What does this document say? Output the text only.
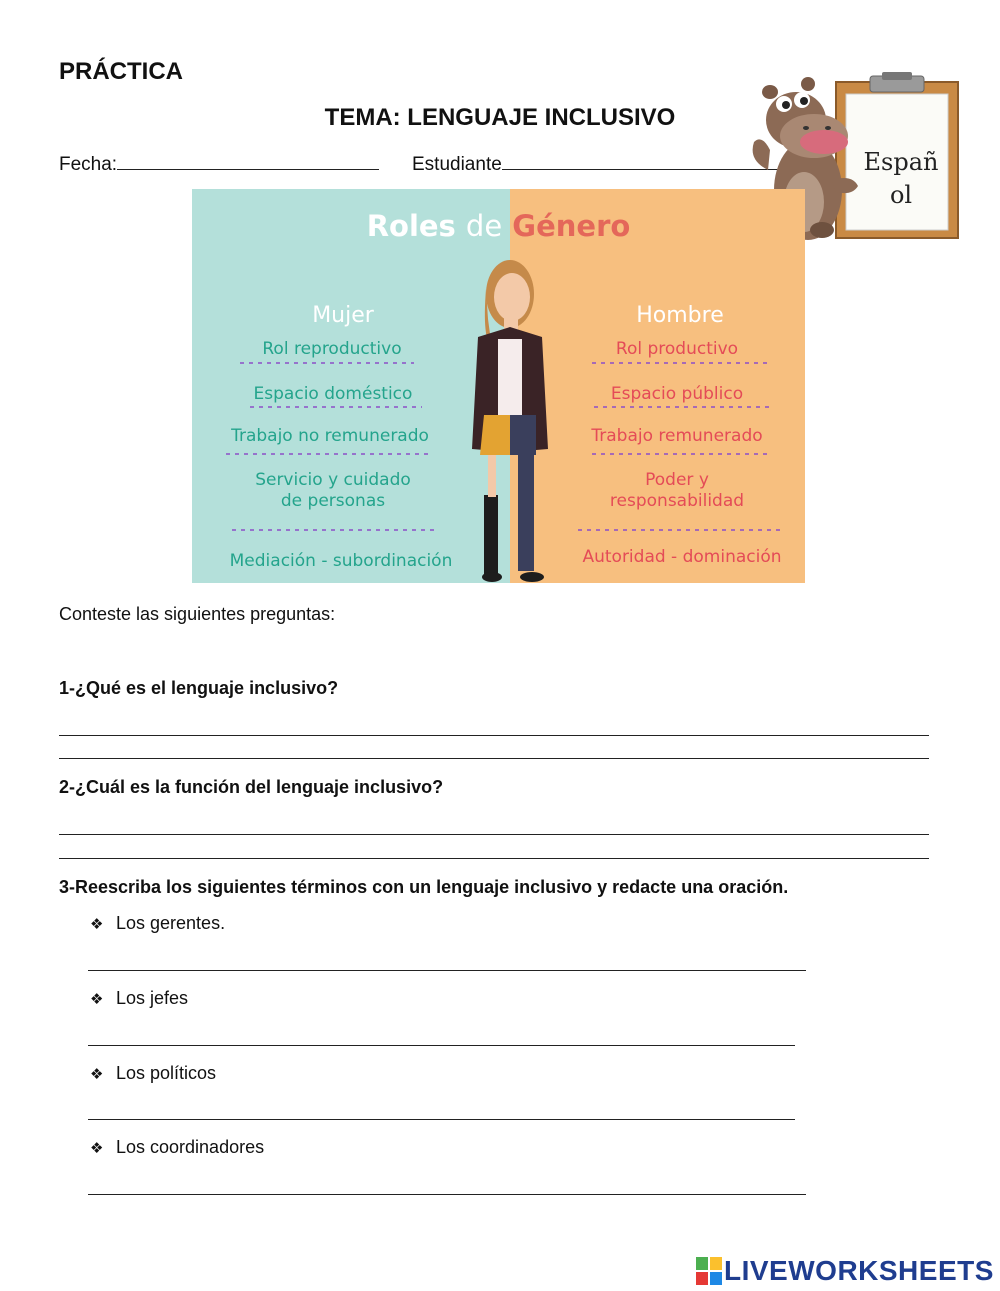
PRÁCTICA
TEMA: LENGUAJE INCLUSIVO
Fecha:	Estudiante	Españ
ol
Roles de Género
Mujer
Rol reproductivo
Espacio doméstico
Trabajo no remunerado
Servicio y cuidado
de personas
Mediación - subordinación
Hombre
Rol productivo
Espacio público
Trabajo remunerado
Poder y
responsabilidad
Autoridad - dominación
Conteste las siguientes preguntas:
1-¿Qué es el lenguaje inclusivo?
2-¿Cuál es la función del lenguaje inclusivo?
3-Reescriba los siguientes términos con un lenguaje inclusivo y redacte una oración.
❖ Los gerentes.
❖ Los jefes
❖ Los políticos
❖ Los coordinadores
LIVEWORKSHEETS
